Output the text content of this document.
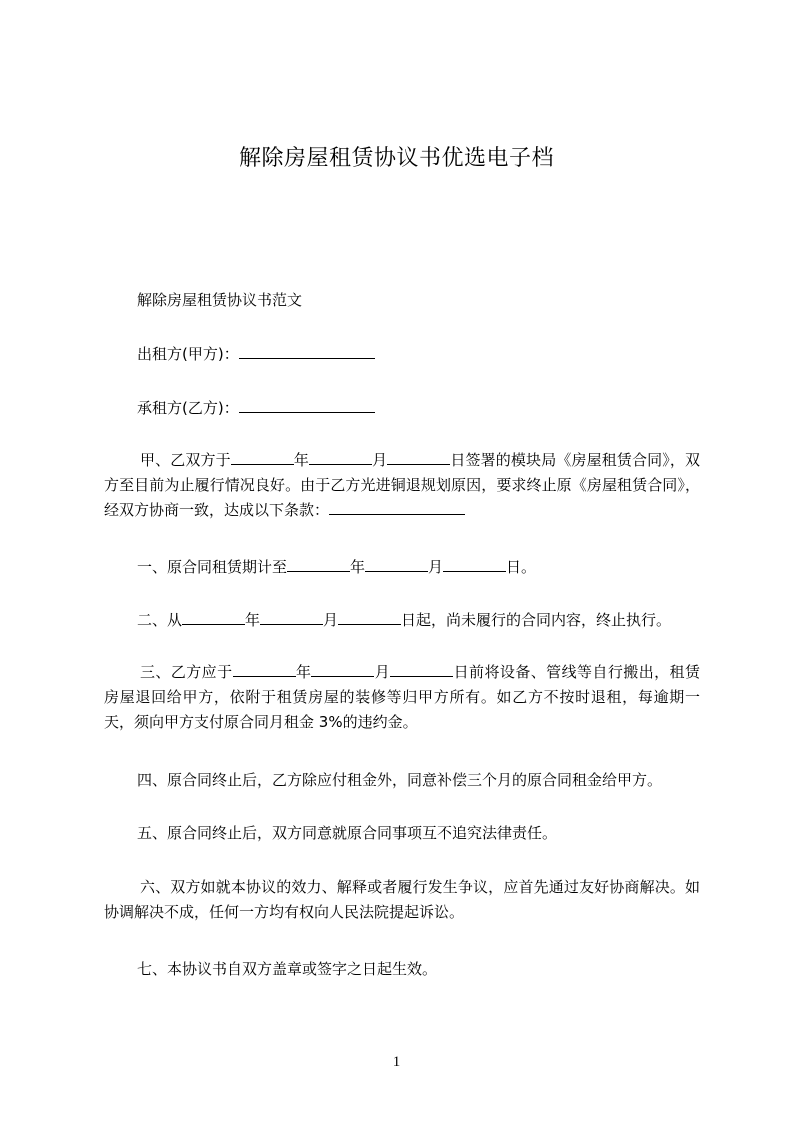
解除房屋租赁协议书优选电子档

解除房屋租赁协议书范文

出租方(甲方)：

承租方(乙方)：

甲、乙双方于	年	月	日签署的模块局《房屋租赁合同》，双方至目前为止履行情况良好。由于乙方光进铜退规划原因，要求终止原《房屋租赁合同》，经双方协商一致，达成以下条款：

一、原合同租赁期计至	年	月	日。

二、从	年	月	日起，尚未履行的合同内容，终止执行。

三、乙方应于	年	月	日前将设备、管线等自行搬出，租赁房屋退回给甲方，依附于租赁房屋的装修等归甲方所有。如乙方不按时退租，每逾期一天，须向甲方支付原合同月租金 3%的违约金。

四、原合同终止后，乙方除应付租金外，同意补偿三个月的原合同租金给甲方。

五、原合同终止后，双方同意就原合同事项互不追究法律责任。

六、双方如就本协议的效力、解释或者履行发生争议，应首先通过友好协商解决。如协调解决不成，任何一方均有权向人民法院提起诉讼。

七、本协议书自双方盖章或签字之日起生效。

1
